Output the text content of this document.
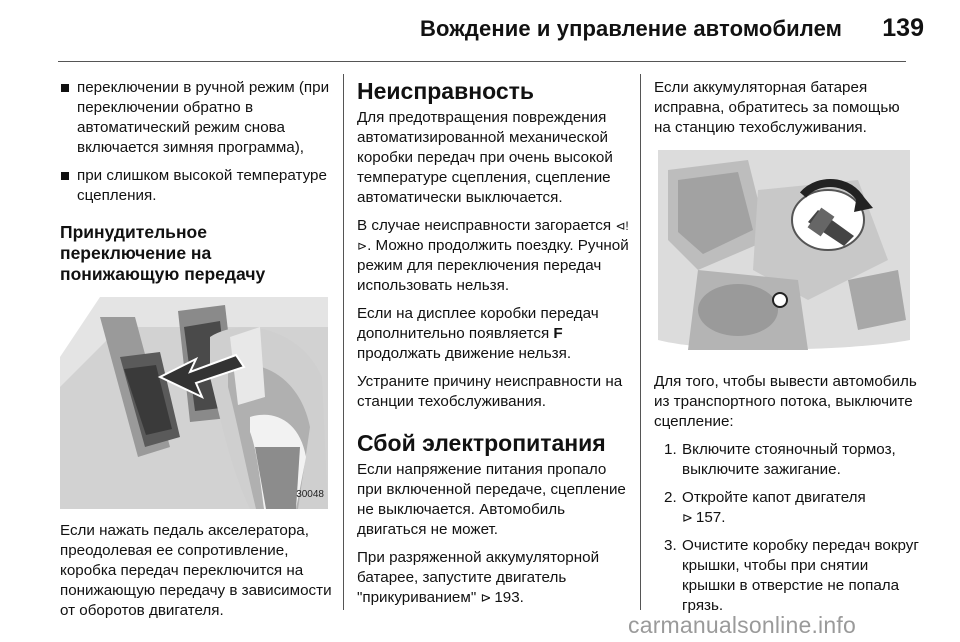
Вождение и управление автомобилем 139
переключении в ручной режим (при переключении обратно в автоматический режим снова включается зимняя программа),
при слишком высокой температуре сцепления.
Принудительное переключение на понижающую передачу
30048

Если нажать педаль акселератора, преодолевая ее сопротивление, коробка передач переключится на понижающую передачу в зависимости от оборотов двигателя.

Неисправность

Для предотвращения повреждения автоматизированной механической коробки передач при очень высокой температуре сцепления, сцепление автоматически выключается.

В случае неисправности загорается ⊲!⊳. Можно продолжить поездку. Ручной режим для переключения передач использовать нельзя.

Если на дисплее коробки передач дополнительно появляется F продолжать движение нельзя.

Устраните причину неисправности на станции техобслуживания.

Сбой электропитания

Если напряжение питания пропало при включенной передаче, сцепление не выключается. Автомобиль двигаться не может.

При разряженной аккумуляторной батарее, запустите двигатель "прикуриванием" ⊳ 193.

Если аккумуляторная батарея исправна, обратитесь за помощью на станцию техобслуживания.

Для того, чтобы вывести автомобиль из транспортного потока, выключите сцепление:

1. Включите стояночный тормоз, выключите зажигание.
2. Откройте капот двигателя
⊳ 157.
3. Очистите коробку передач вокруг крышки, чтобы при снятии крышки в отверстие не попала грязь.
carmanualsonline.info
